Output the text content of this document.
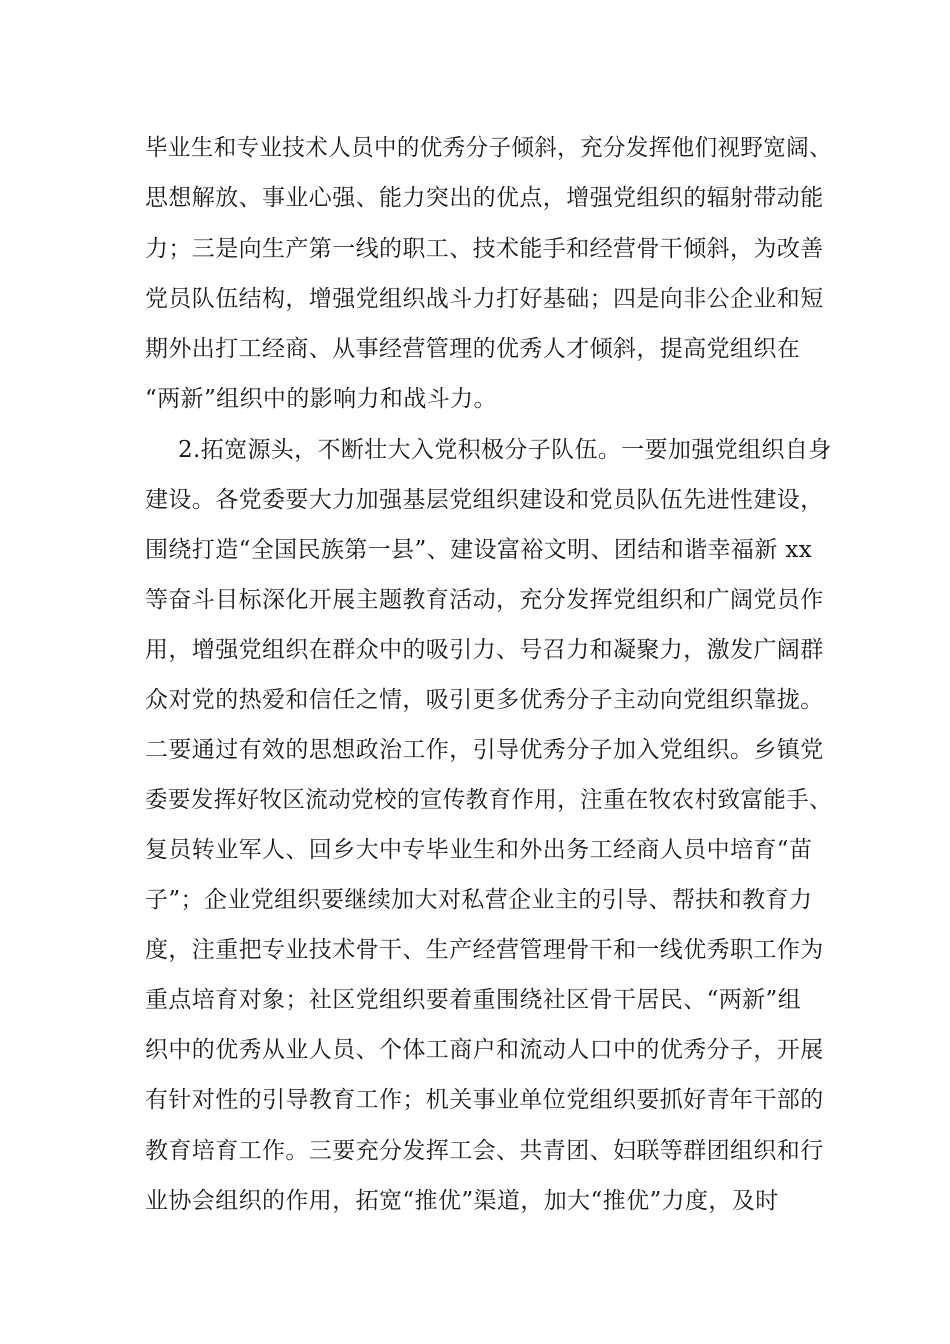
毕业生和专业技术人员中的优秀分子倾斜，充分发挥他们视野宽阔、
思想解放、事业心强、能力突出的优点，增强党组织的辐射带动能
力；三是向生产第一线的职工、技术能手和经营骨干倾斜，为改善
党员队伍结构，增强党组织战斗力打好基础；四是向非公企业和短
期外出打工经商、从事经营管理的优秀人才倾斜，提高党组织在
“两新”组织中的影响力和战斗力。
2.拓宽源头，不断壮大入党积极分子队伍。一要加强党组织自身
建设。各党委要大力加强基层党组织建设和党员队伍先进性建设，
围绕打造“全国民族第一县”、建设富裕文明、团结和谐幸福新 xx
等奋斗目标深化开展主题教育活动，充分发挥党组织和广阔党员作
用，增强党组织在群众中的吸引力、号召力和凝聚力，激发广阔群
众对党的热爱和信任之情，吸引更多优秀分子主动向党组织靠拢。
二要通过有效的思想政治工作，引导优秀分子加入党组织。乡镇党
委要发挥好牧区流动党校的宣传教育作用，注重在牧农村致富能手、
复员转业军人、回乡大中专毕业生和外出务工经商人员中培育“苗
子”；企业党组织要继续加大对私营企业主的引导、帮扶和教育力
度，注重把专业技术骨干、生产经营管理骨干和一线优秀职工作为
重点培育对象；社区党组织要着重围绕社区骨干居民、“两新”组
织中的优秀从业人员、个体工商户和流动人口中的优秀分子，开展
有针对性的引导教育工作；机关事业单位党组织要抓好青年干部的
教育培育工作。三要充分发挥工会、共青团、妇联等群团组织和行
业协会组织的作用，拓宽“推优”渠道，加大“推优”力度，及时
